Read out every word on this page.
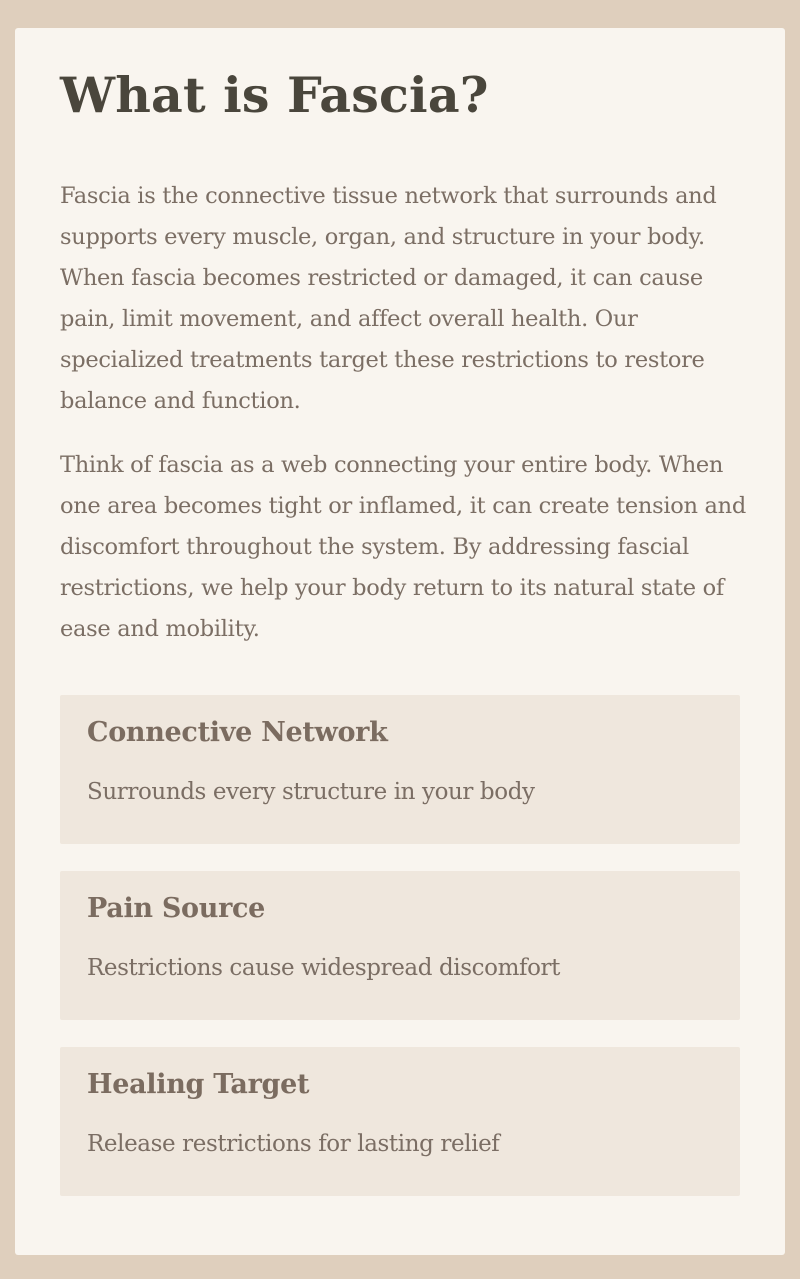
What is Fascia?

Fascia is the connective tissue network that surrounds and supports every muscle, organ, and structure in your body. When fascia becomes restricted or damaged, it can cause pain, limit movement, and affect overall health. Our specialized treatments target these restrictions to restore balance and function.

Think of fascia as a web connecting your entire body. When one area becomes tight or inflamed, it can create tension and discomfort throughout the system. By addressing fascial restrictions, we help your body return to its natural state of ease and mobility.

Connective Network

Surrounds every structure in your body

Pain Source

Restrictions cause widespread discomfort

Healing Target

Release restrictions for lasting relief
